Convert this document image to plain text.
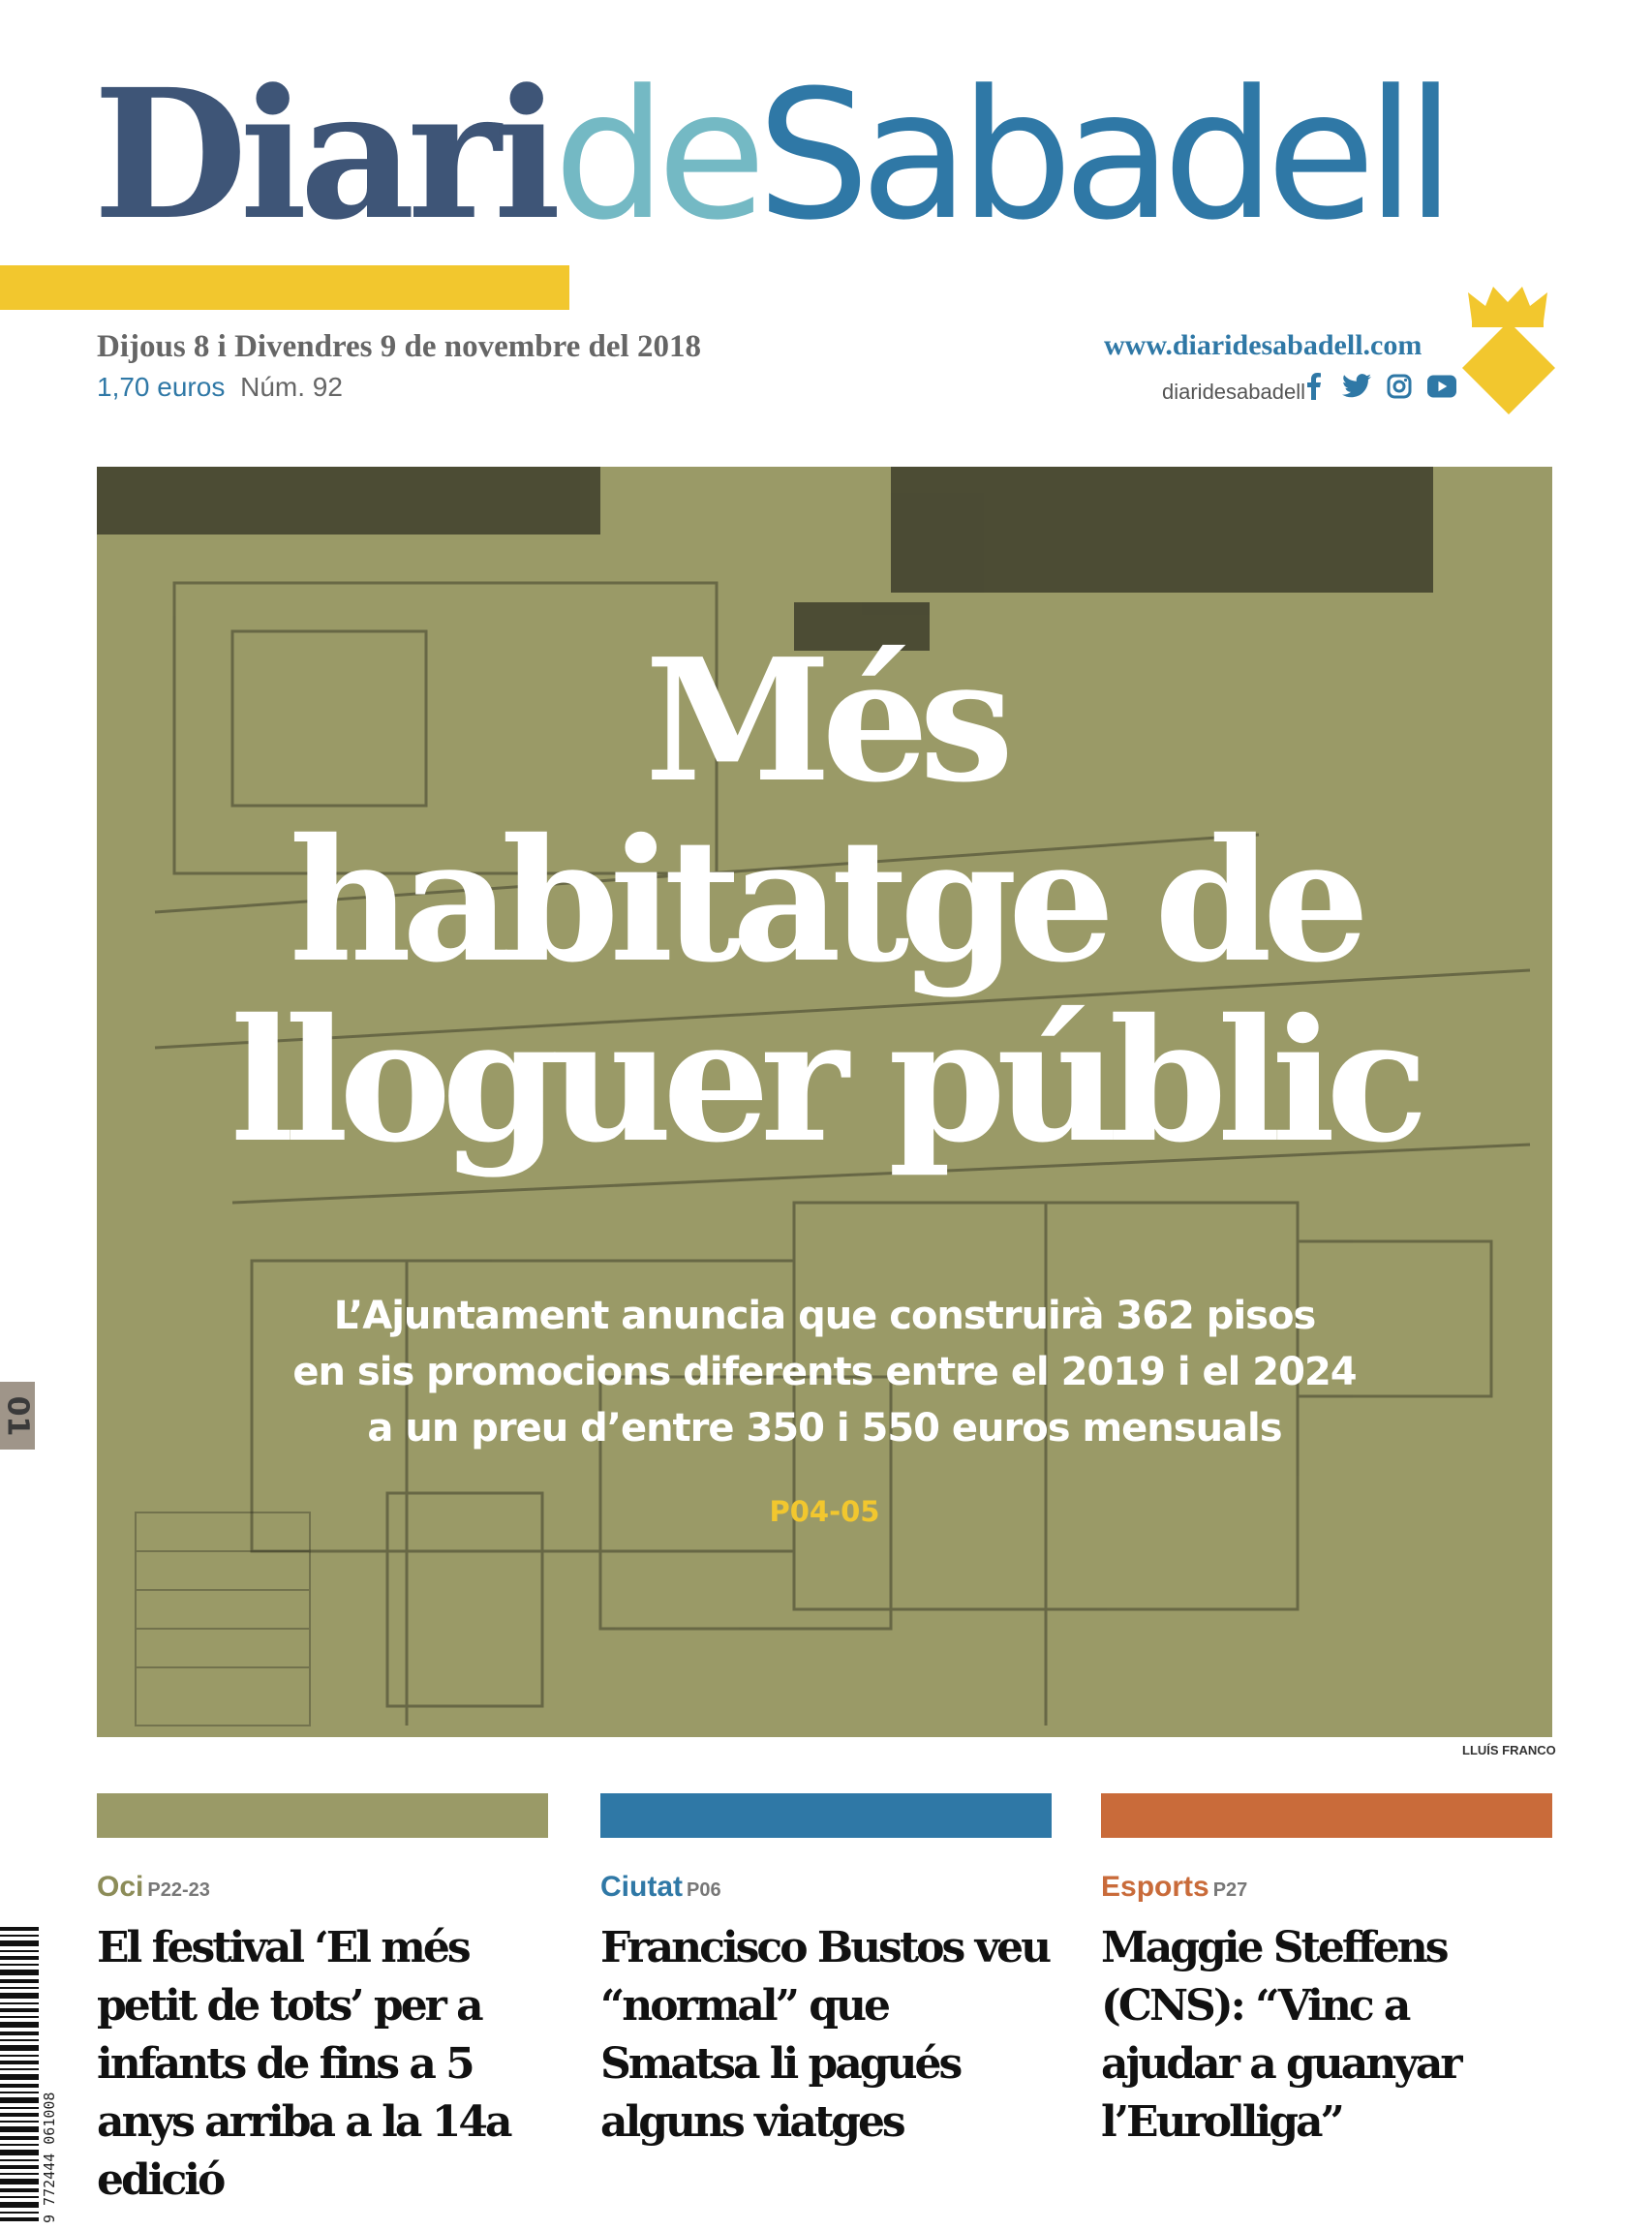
DiarideSabadell
Dijous 8 i Divendres 9 de novembre del 2018
1,70 euros Núm. 92
www.diaridesabadell.com
diaridesabadell
Més
habitatge de
lloguer públic
L’Ajuntament anuncia que construirà 362 pisos
en sis promocions diferents entre el 2019 i el 2024
a un preu d’entre 350 i 550 euros mensuals
P04-05
LLUÍS FRANCO
01
9 772444 061008
Oci P22-23
El festival ‘El més petit de tots’ per a infants de fins a 5 anys arriba a la 14a edició
Ciutat P06
Francisco Bustos veu “normal” que Smatsa li pagués alguns viatges
Esports P27
Maggie Steffens (CNS): “Vinc a ajudar a guanyar l’Eurolliga”
